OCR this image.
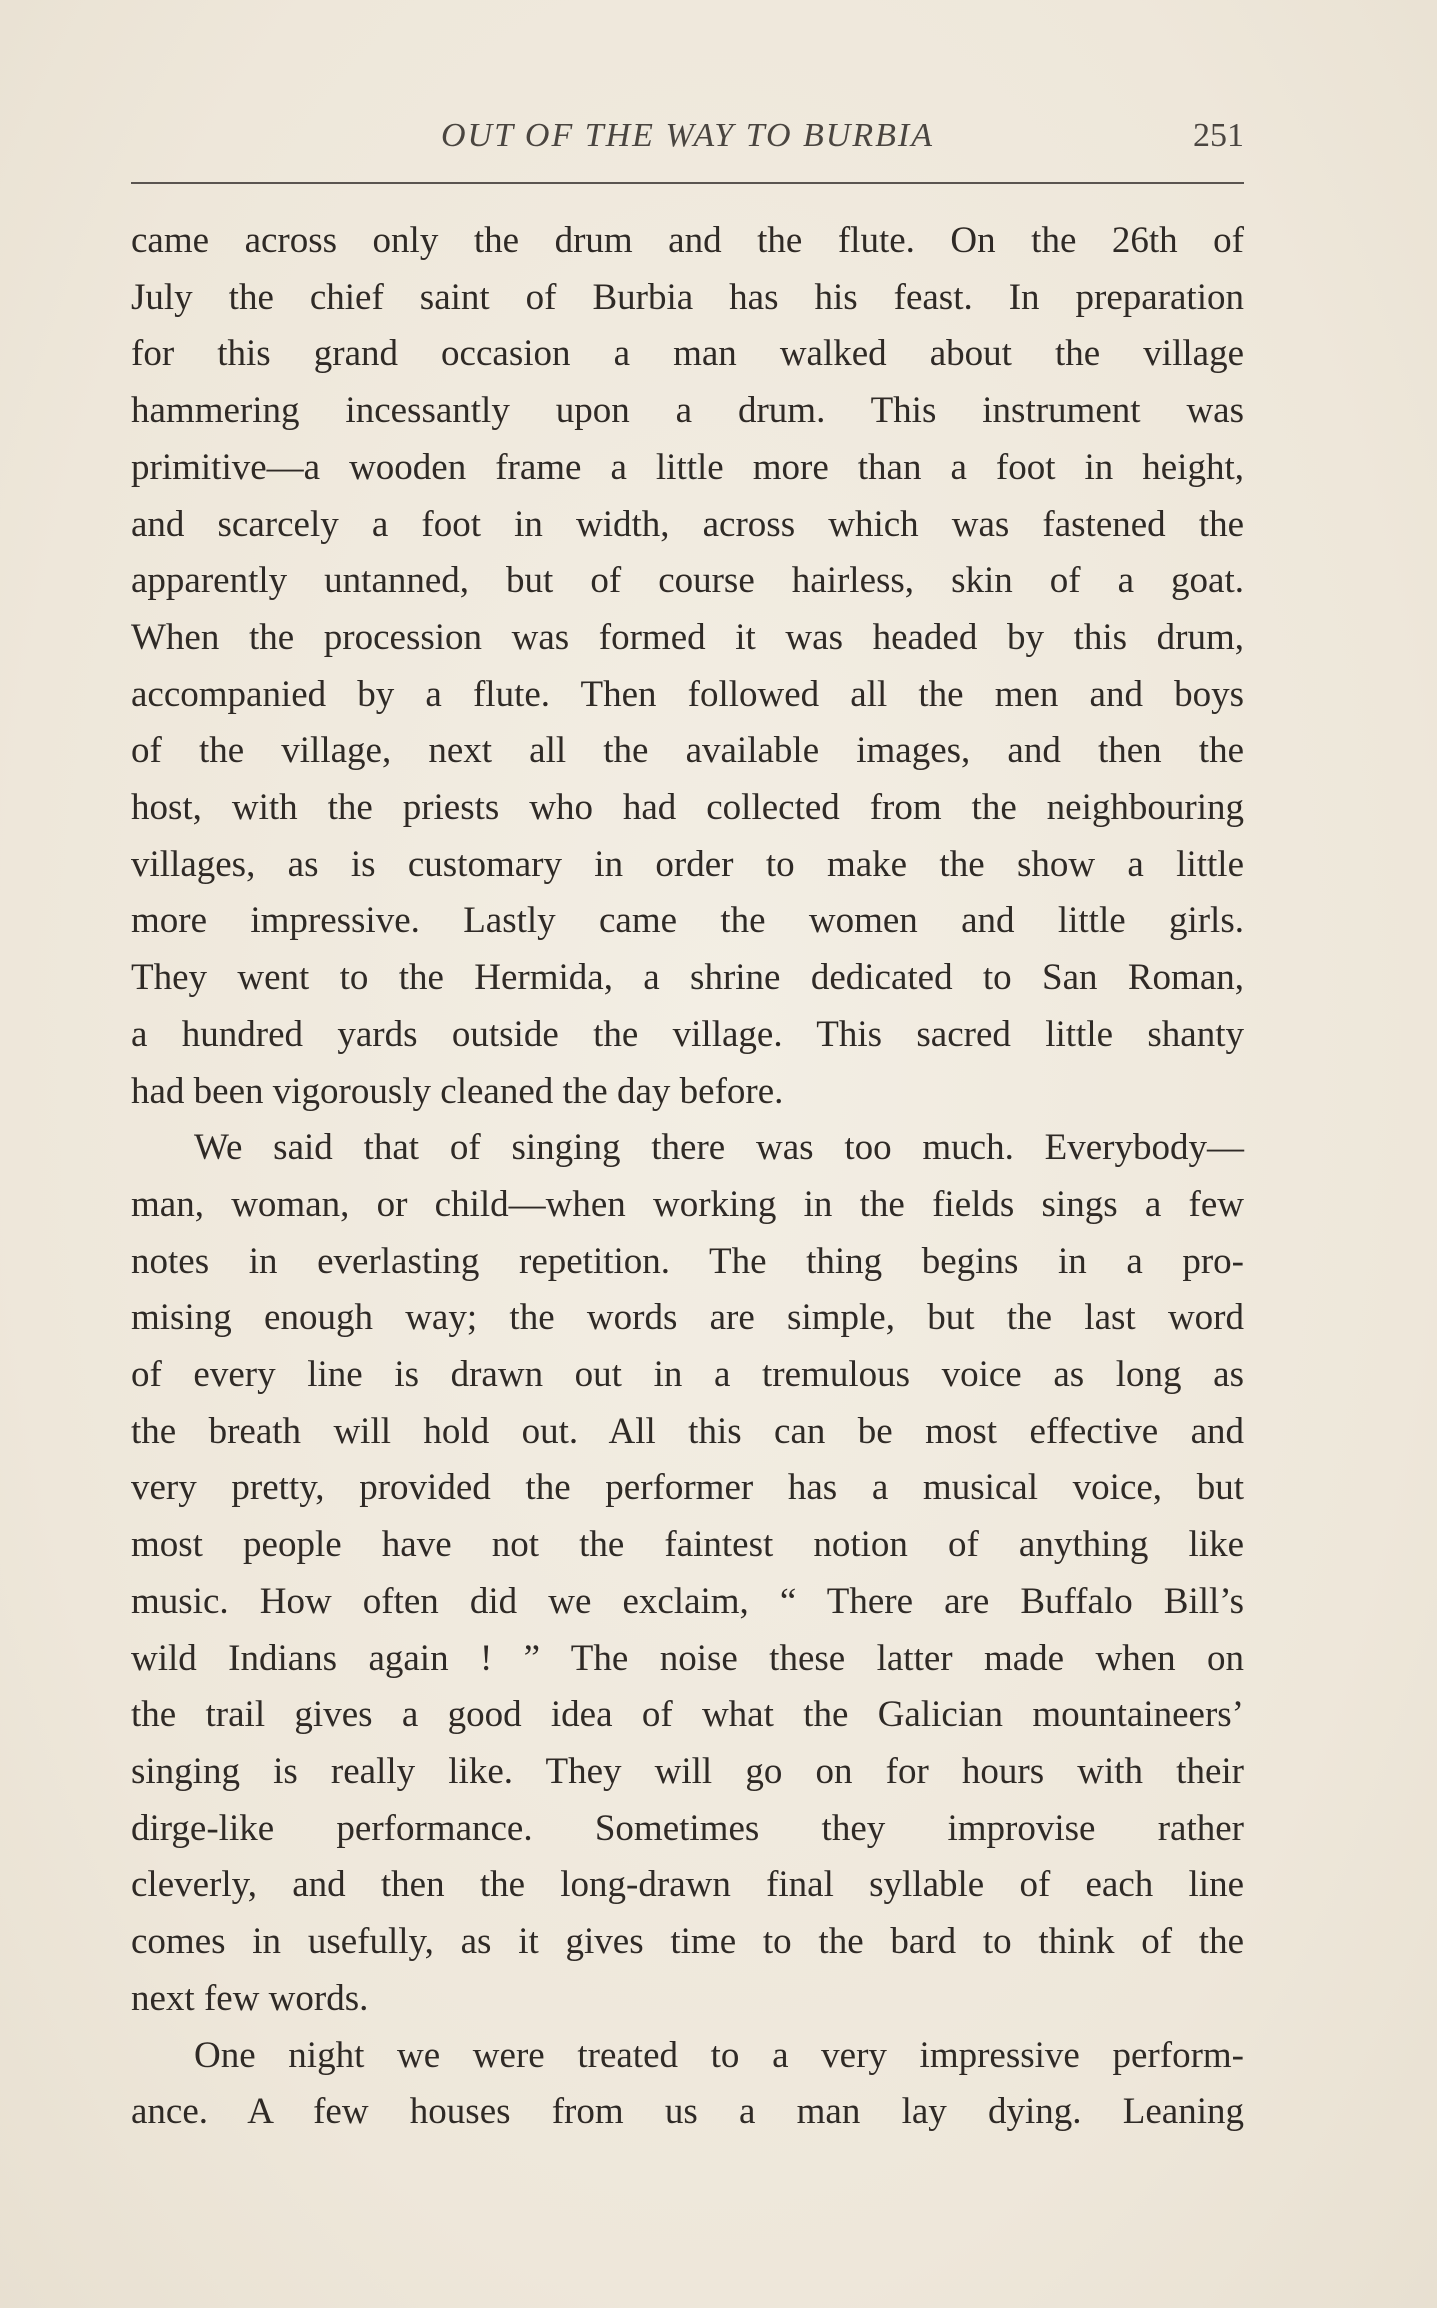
OUT OF THE WAY TO BURBIA	251
came across only the drum and the flute. On the 26th of
July the chief saint of Burbia has his feast. In preparation
for this grand occasion a man walked about the village
hammering incessantly upon a drum. This instrument was
primitive—a wooden frame a little more than a foot in height,
and scarcely a foot in width, across which was fastened the
apparently untanned, but of course hairless, skin of a goat.
When the procession was formed it was headed by this drum,
accompanied by a flute. Then followed all the men and boys
of the village, next all the available images, and then the
host, with the priests who had collected from the neighbouring
villages, as is customary in order to make the show a little
more impressive. Lastly came the women and little girls.
They went to the Hermida, a shrine dedicated to San Roman,
a hundred yards outside the village. This sacred little shanty
had been vigorously cleaned the day before.
We said that of singing there was too much. Everybody—
man, woman, or child—when working in the fields sings a few
notes in everlasting repetition. The thing begins in a pro-
mising enough way; the words are simple, but the last word
of every line is drawn out in a tremulous voice as long as
the breath will hold out. All this can be most effective and
very pretty, provided the performer has a musical voice, but
most people have not the faintest notion of anything like
music. How often did we exclaim, “ There are Buffalo Bill’s
wild Indians again ! ” The noise these latter made when on
the trail gives a good idea of what the Galician mountaineers’
singing is really like. They will go on for hours with their
dirge-like performance. Sometimes they improvise rather
cleverly, and then the long-drawn final syllable of each line
comes in usefully, as it gives time to the bard to think of the
next few words.
One night we were treated to a very impressive perform-
ance. A few houses from us a man lay dying. Leaning
